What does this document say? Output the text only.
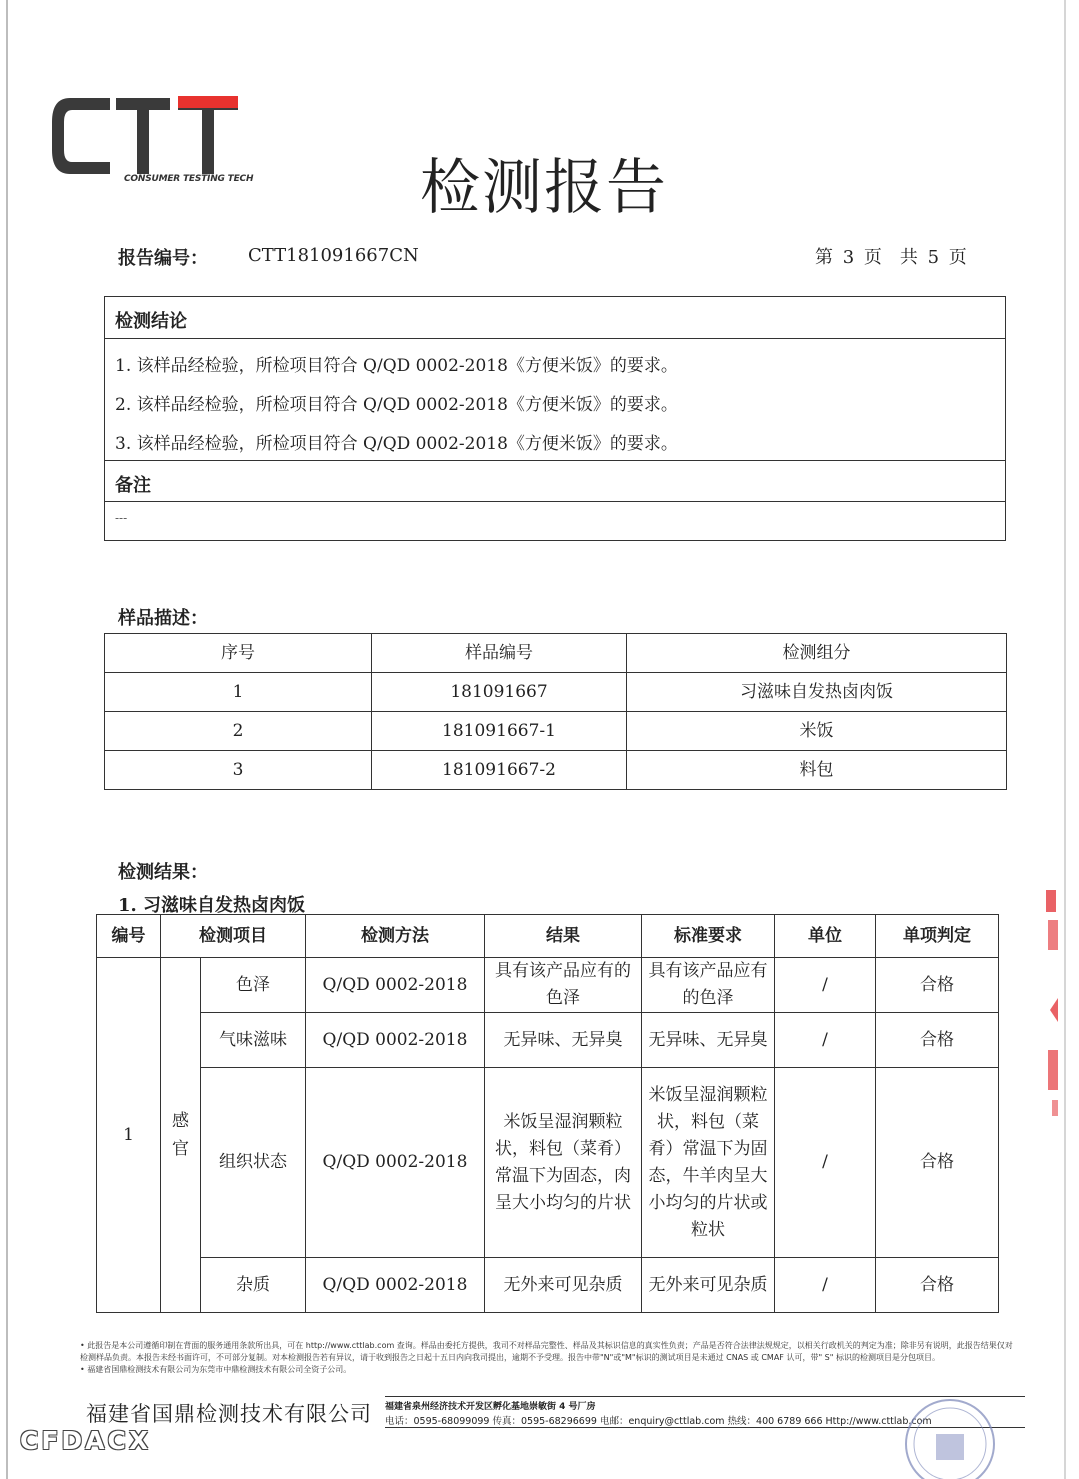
CONSUMER TESTING TECH	检测报告
报告编号： CTT181091667CN	第 3 页　共 5 页
检测结论
1. 该样品经检验，所检项目符合 Q/QD 0002-2018《方便米饭》的要求。
2. 该样品经检验，所检项目符合 Q/QD 0002-2018《方便米饭》的要求。
3. 该样品经检验，所检项目符合 Q/QD 0002-2018《方便米饭》的要求。
备注
---
样品描述：
序号	样品编号	检测组分
1	181091667	习滋味自发热卤肉饭
2	181091667-1	米饭
3	181091667-2	料包
检测结果：
1. 习滋味自发热卤肉饭
编号	检测项目		检测方法	结果	标准要求	单位	单项判定
1	感官	色泽	Q/QD 0002-2018	具有该产品应有的色泽	具有该产品应有的色泽	/	合格
		气味滋味	Q/QD 0002-2018	无异味、无异臭	无异味、无异臭	/	合格
		组织状态	Q/QD 0002-2018	米饭呈湿润颗粒状，料包（菜肴）常温下为固态，肉呈大小均匀的片状	米饭呈湿润颗粒状，料包（菜肴）常温下为固态，牛羊肉呈大小均匀的片状或粒状	/	合格
		杂质	Q/QD 0002-2018	无外来可见杂质	无外来可见杂质	/	合格
• 此报告是本公司遵循印制在背面的服务通用条款所出具，可在 http://www.cttlab.com 查询。样品由委托方提供，我司不对样品完整性、样品及其标识信息的真实性负责；产品是否符合法律法规规定，以相关行政机关的判定为准；除非另有说明，此报告结果仅对检测样品负责。本报告未经书面许可，不可部分复制。对本检测报告若有异议，请于收到报告之日起十五日内向我司提出，逾期不予受理。报告中带"N"或"M"标识的测试项目是未通过 CNAS 或 CMAF 认可，带" S" 标识的检测项目是分包项目。
• 福建省国鼎检测技术有限公司为东莞市中鼎检测技术有限公司全资子公司。
福建省国鼎检测技术有限公司 福建省泉州经济技术开发区孵化基地崇敏街 4 号厂房
电话：0595-68099099 传真：0595-68296699 电邮：enquiry@cttlab.com 热线：400 6789 666 Http://www.cttlab.com
CFDACX
